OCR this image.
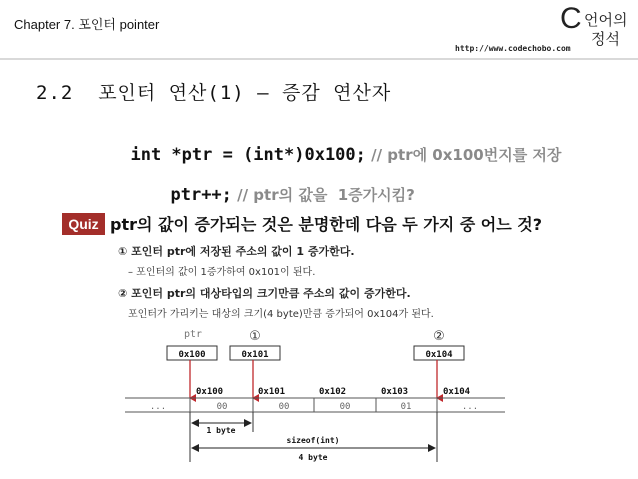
Chapter 7. 포인터 pointer
http://www.codechobo.com
C 언어의
정석
2.2  포인터 연산(1) – 증감 연산자

int *ptr = (int*)0x100; // ptr에 0x100번지를 저장

ptr++; // ptr의 값을  1증가시킴?

Quiz ptr의 값이 증가되는 것은 분명한데 다음 두 가지 중 어느 것?
① 포인터 ptr에 저장된 주소의 값이 1 증가한다.
– 포인터의 값이 1증가하여 0x101이 된다.
② 포인터 ptr의 대상타입의 크기만큼 주소의 값이 증가한다.
포인터가 가리키는 대상의 크기(4 byte)만큼 증가되어 0x104가 된다.
ptr	①	②
0x100	0x101	0x104
0x100	0x101	0x102	0x103	0x104
...	00	00	00	01	...
1 byte
sizeof(int)
4 byte
